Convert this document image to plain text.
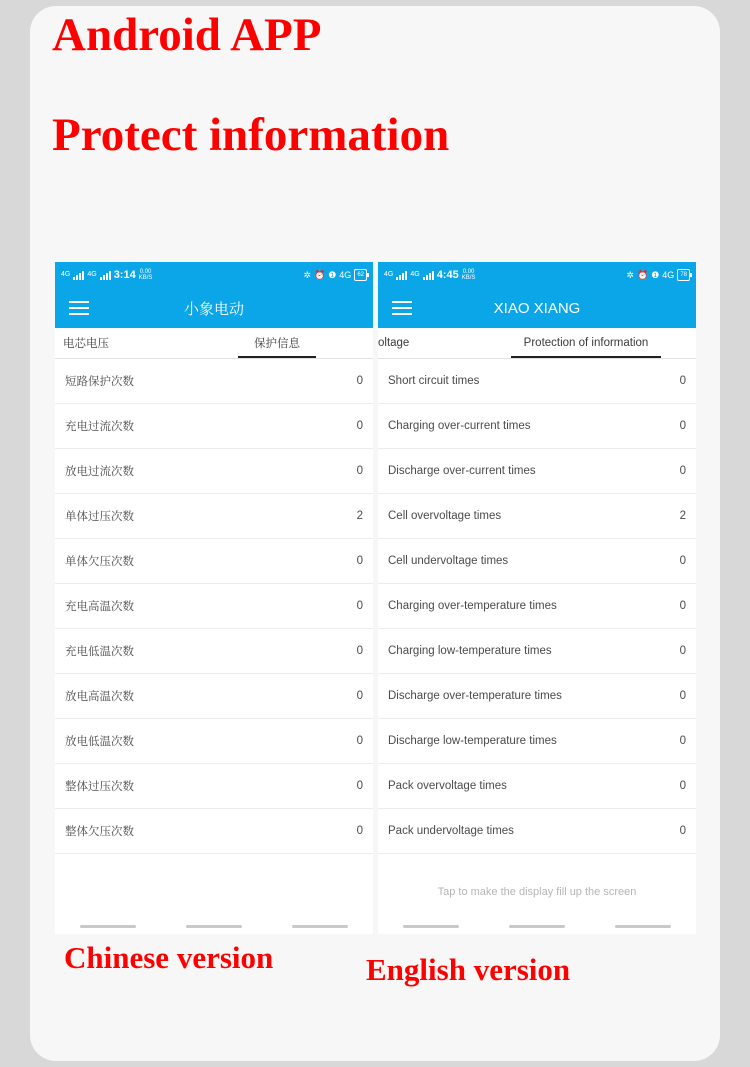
Android APP
Protect information
4G 4G 3:14 0.00
KB/S	✲ ⏰ ❶ 4G	62
小象电动
电芯电压	保护信息
短路保护次数	0
充电过流次数	0
放电过流次数	0
单体过压次数	2
单体欠压次数	0
充电高温次数	0
充电低温次数	0
放电高温次数	0
放电低温次数	0
整体过压次数	0
整体欠压次数	0
4G 4G 4:45 0.00
KB/S	✲ ⏰ ❶ 4G	78
XIAO XIANG
oltage	Protection of information
Short circuit times	0
Charging over-current times	0
Discharge over-current times	0
Cell overvoltage times	2
Cell undervoltage times	0
Charging over-temperature times	0
Charging low-temperature times	0
Discharge over-temperature times	0
Discharge low-temperature times	0
Pack overvoltage times	0
Pack undervoltage times	0
Tap to make the display fill up the screen
Chinese version	English version
